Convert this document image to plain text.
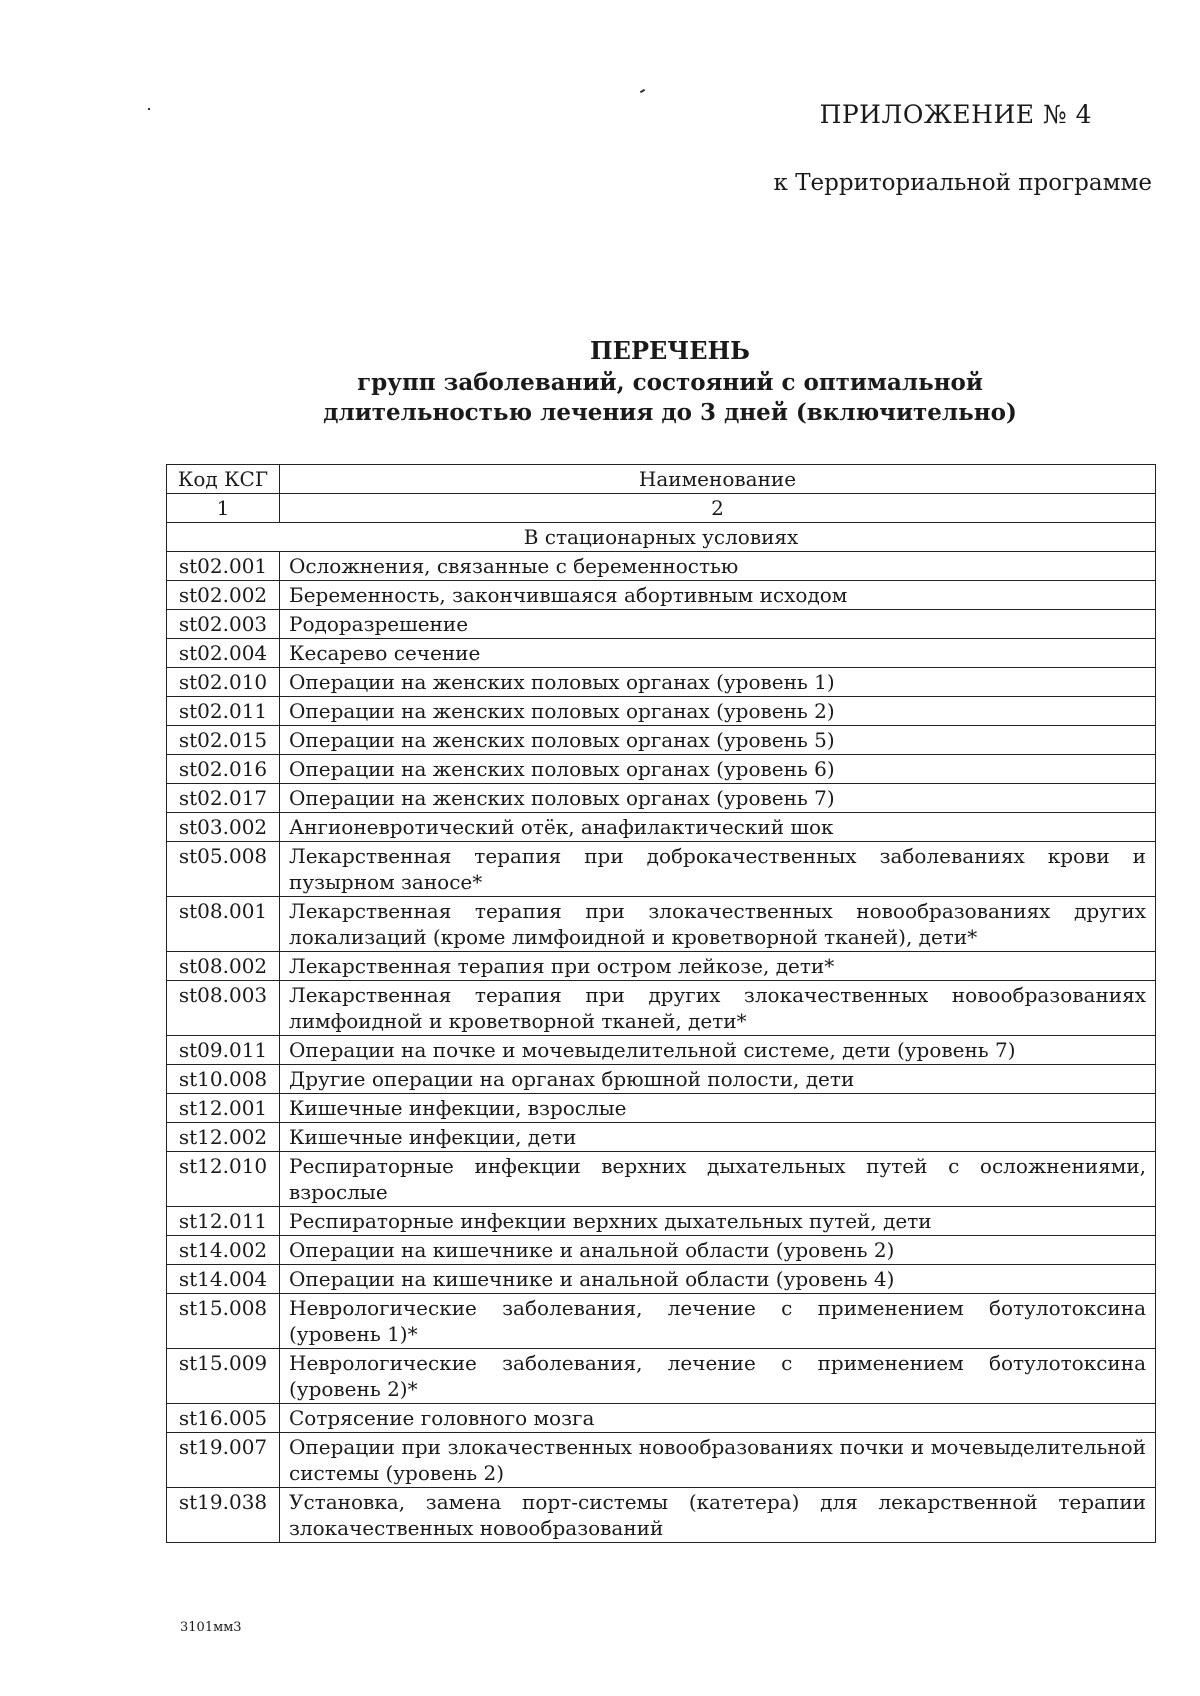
ПРИЛОЖЕНИЕ № 4
к Территориальной программе
ПЕРЕЧЕНЬ
групп заболеваний, состояний с оптимальной
длительностью лечения до 3 дней (включительно)
Код КСГ	Наименование
1	2
В стационарных условиях	
st02.001	Осложнения, связанные с беременностью
st02.002	Беременность, закончившаяся абортивным исходом
st02.003	Родоразрешение
st02.004	Кесарево сечение
st02.010	Операции на женских половых органах (уровень 1)
st02.011	Операции на женских половых органах (уровень 2)
st02.015	Операции на женских половых органах (уровень 5)
st02.016	Операции на женских половых органах (уровень 6)
st02.017	Операции на женских половых органах (уровень 7)
st03.002	Ангионевротический отёк, анафилактический шок
st05.008	Лекарственная терапия при доброкачественных заболеваниях крови и пузырном заносе*
st08.001	Лекарственная терапия при злокачественных новообразованиях других локализаций (кроме лимфоидной и кроветворной тканей), дети*
st08.002	Лекарственная терапия при остром лейкозе, дети*
st08.003	Лекарственная терапия при других злокачественных новообразованиях лимфоидной и кроветворной тканей, дети*
st09.011	Операции на почке и мочевыделительной системе, дети (уровень 7)
st10.008	Другие операции на органах брюшной полости, дети
st12.001	Кишечные инфекции, взрослые
st12.002	Кишечные инфекции, дети
st12.010	Респираторные инфекции верхних дыхательных путей с осложнениями, взрослые
st12.011	Респираторные инфекции верхних дыхательных путей, дети
st14.002	Операции на кишечнике и анальной области (уровень 2)
st14.004	Операции на кишечнике и анальной области (уровень 4)
st15.008	Неврологические заболевания, лечение с применением ботулотоксина (уровень 1)*
st15.009	Неврологические заболевания, лечение с применением ботулотоксина (уровень 2)*
st16.005	Сотрясение головного мозга
st19.007	Операции при злокачественных новообразованиях почки и мочевыделительной системы (уровень 2)
st19.038	Установка, замена порт-системы (катетера) для лекарственной терапии злокачественных новообразований
3101мм3
